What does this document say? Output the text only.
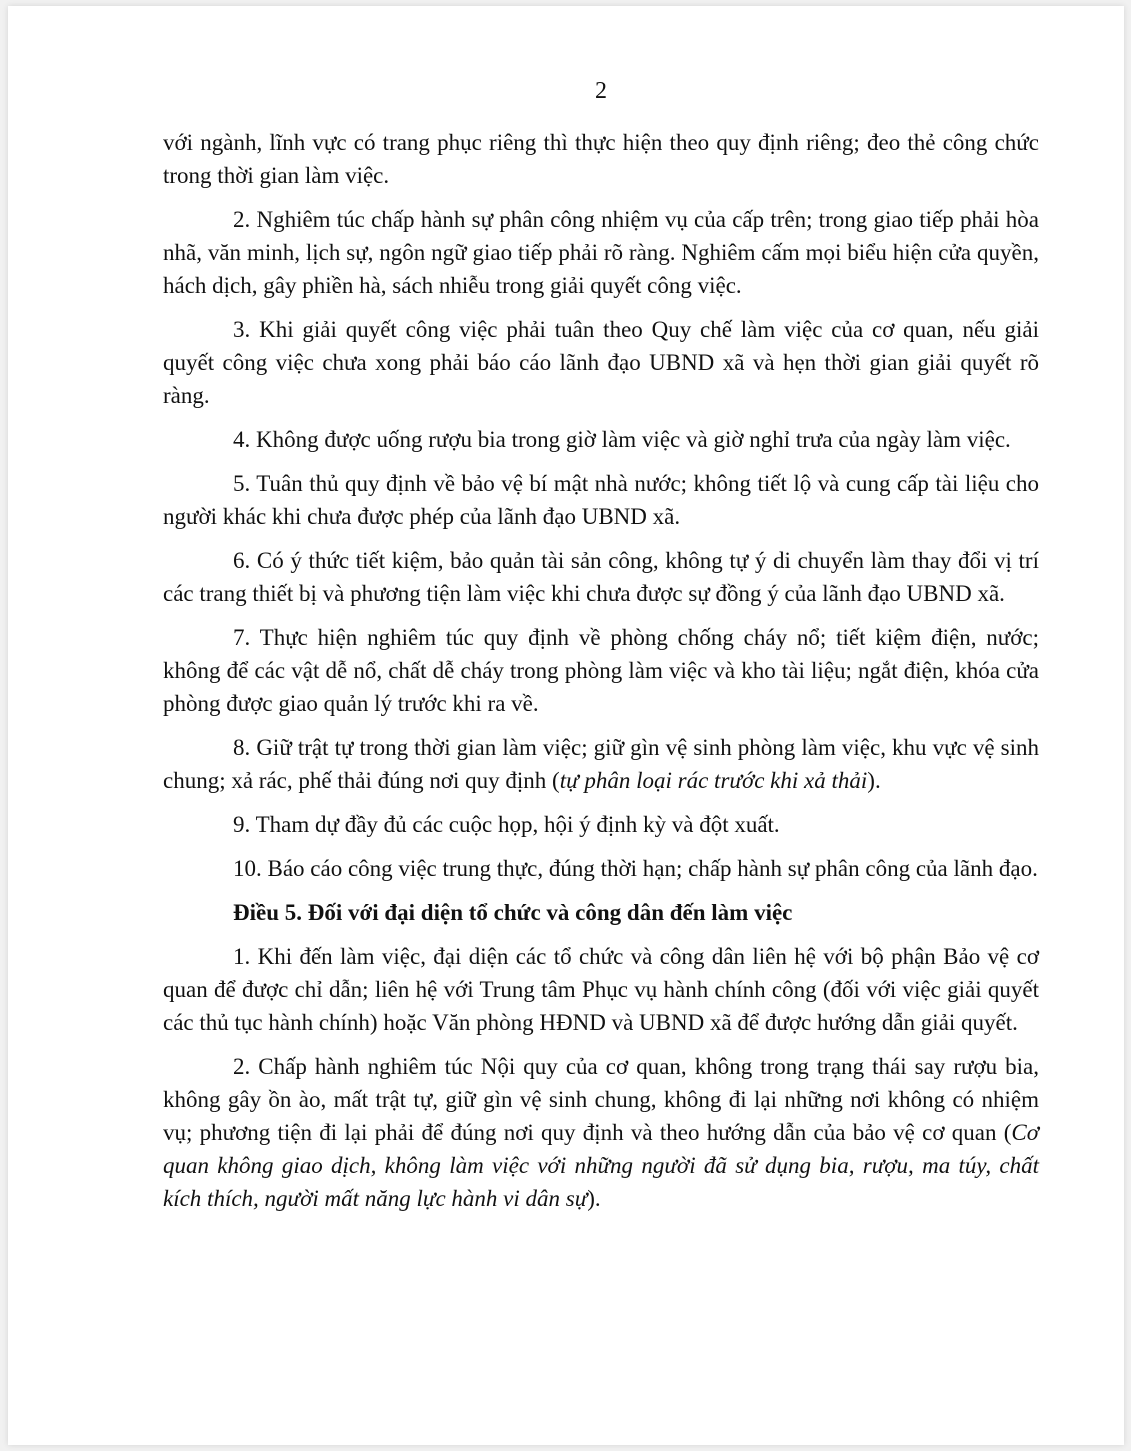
2

với ngành, lĩnh vực có trang phục riêng thì thực hiện theo quy định riêng; đeo thẻ công chức trong thời gian làm việc.

2. Nghiêm túc chấp hành sự phân công nhiệm vụ của cấp trên; trong giao tiếp phải hòa nhã, văn minh, lịch sự, ngôn ngữ giao tiếp phải rõ ràng. Nghiêm cấm mọi biểu hiện cửa quyền, hách dịch, gây phiền hà, sách nhiễu trong giải quyết công việc.

3. Khi giải quyết công việc phải tuân theo Quy chế làm việc của cơ quan, nếu giải quyết công việc chưa xong phải báo cáo lãnh đạo UBND xã và hẹn thời gian giải quyết rõ ràng.

4. Không được uống rượu bia trong giờ làm việc và giờ nghỉ trưa của ngày làm việc.

5. Tuân thủ quy định về bảo vệ bí mật nhà nước; không tiết lộ và cung cấp tài liệu cho người khác khi chưa được phép của lãnh đạo UBND xã.

6. Có ý thức tiết kiệm, bảo quản tài sản công, không tự ý di chuyển làm thay đổi vị trí các trang thiết bị và phương tiện làm việc khi chưa được sự đồng ý của lãnh đạo UBND xã.

7. Thực hiện nghiêm túc quy định về phòng chống cháy nổ; tiết kiệm điện, nước; không để các vật dễ nổ, chất dễ cháy trong phòng làm việc và kho tài liệu; ngắt điện, khóa cửa phòng được giao quản lý trước khi ra về.

8. Giữ trật tự trong thời gian làm việc; giữ gìn vệ sinh phòng làm việc, khu vực vệ sinh chung; xả rác, phế thải đúng nơi quy định (tự phân loại rác trước khi xả thải).

9. Tham dự đầy đủ các cuộc họp, hội ý định kỳ và đột xuất.

10. Báo cáo công việc trung thực, đúng thời hạn; chấp hành sự phân công của lãnh đạo.

Điều 5. Đối với đại diện tổ chức và công dân đến làm việc

1. Khi đến làm việc, đại diện các tổ chức và công dân liên hệ với bộ phận Bảo vệ cơ quan để được chỉ dẫn; liên hệ với Trung tâm Phục vụ hành chính công (đối với việc giải quyết các thủ tục hành chính) hoặc Văn phòng HĐND và UBND xã để được hướng dẫn giải quyết.

2. Chấp hành nghiêm túc Nội quy của cơ quan, không trong trạng thái say rượu bia, không gây ồn ào, mất trật tự, giữ gìn vệ sinh chung, không đi lại những nơi không có nhiệm vụ; phương tiện đi lại phải để đúng nơi quy định và theo hướng dẫn của bảo vệ cơ quan (Cơ quan không giao dịch, không làm việc với những người đã sử dụng bia, rượu, ma túy, chất kích thích, người mất năng lực hành vi dân sự).
